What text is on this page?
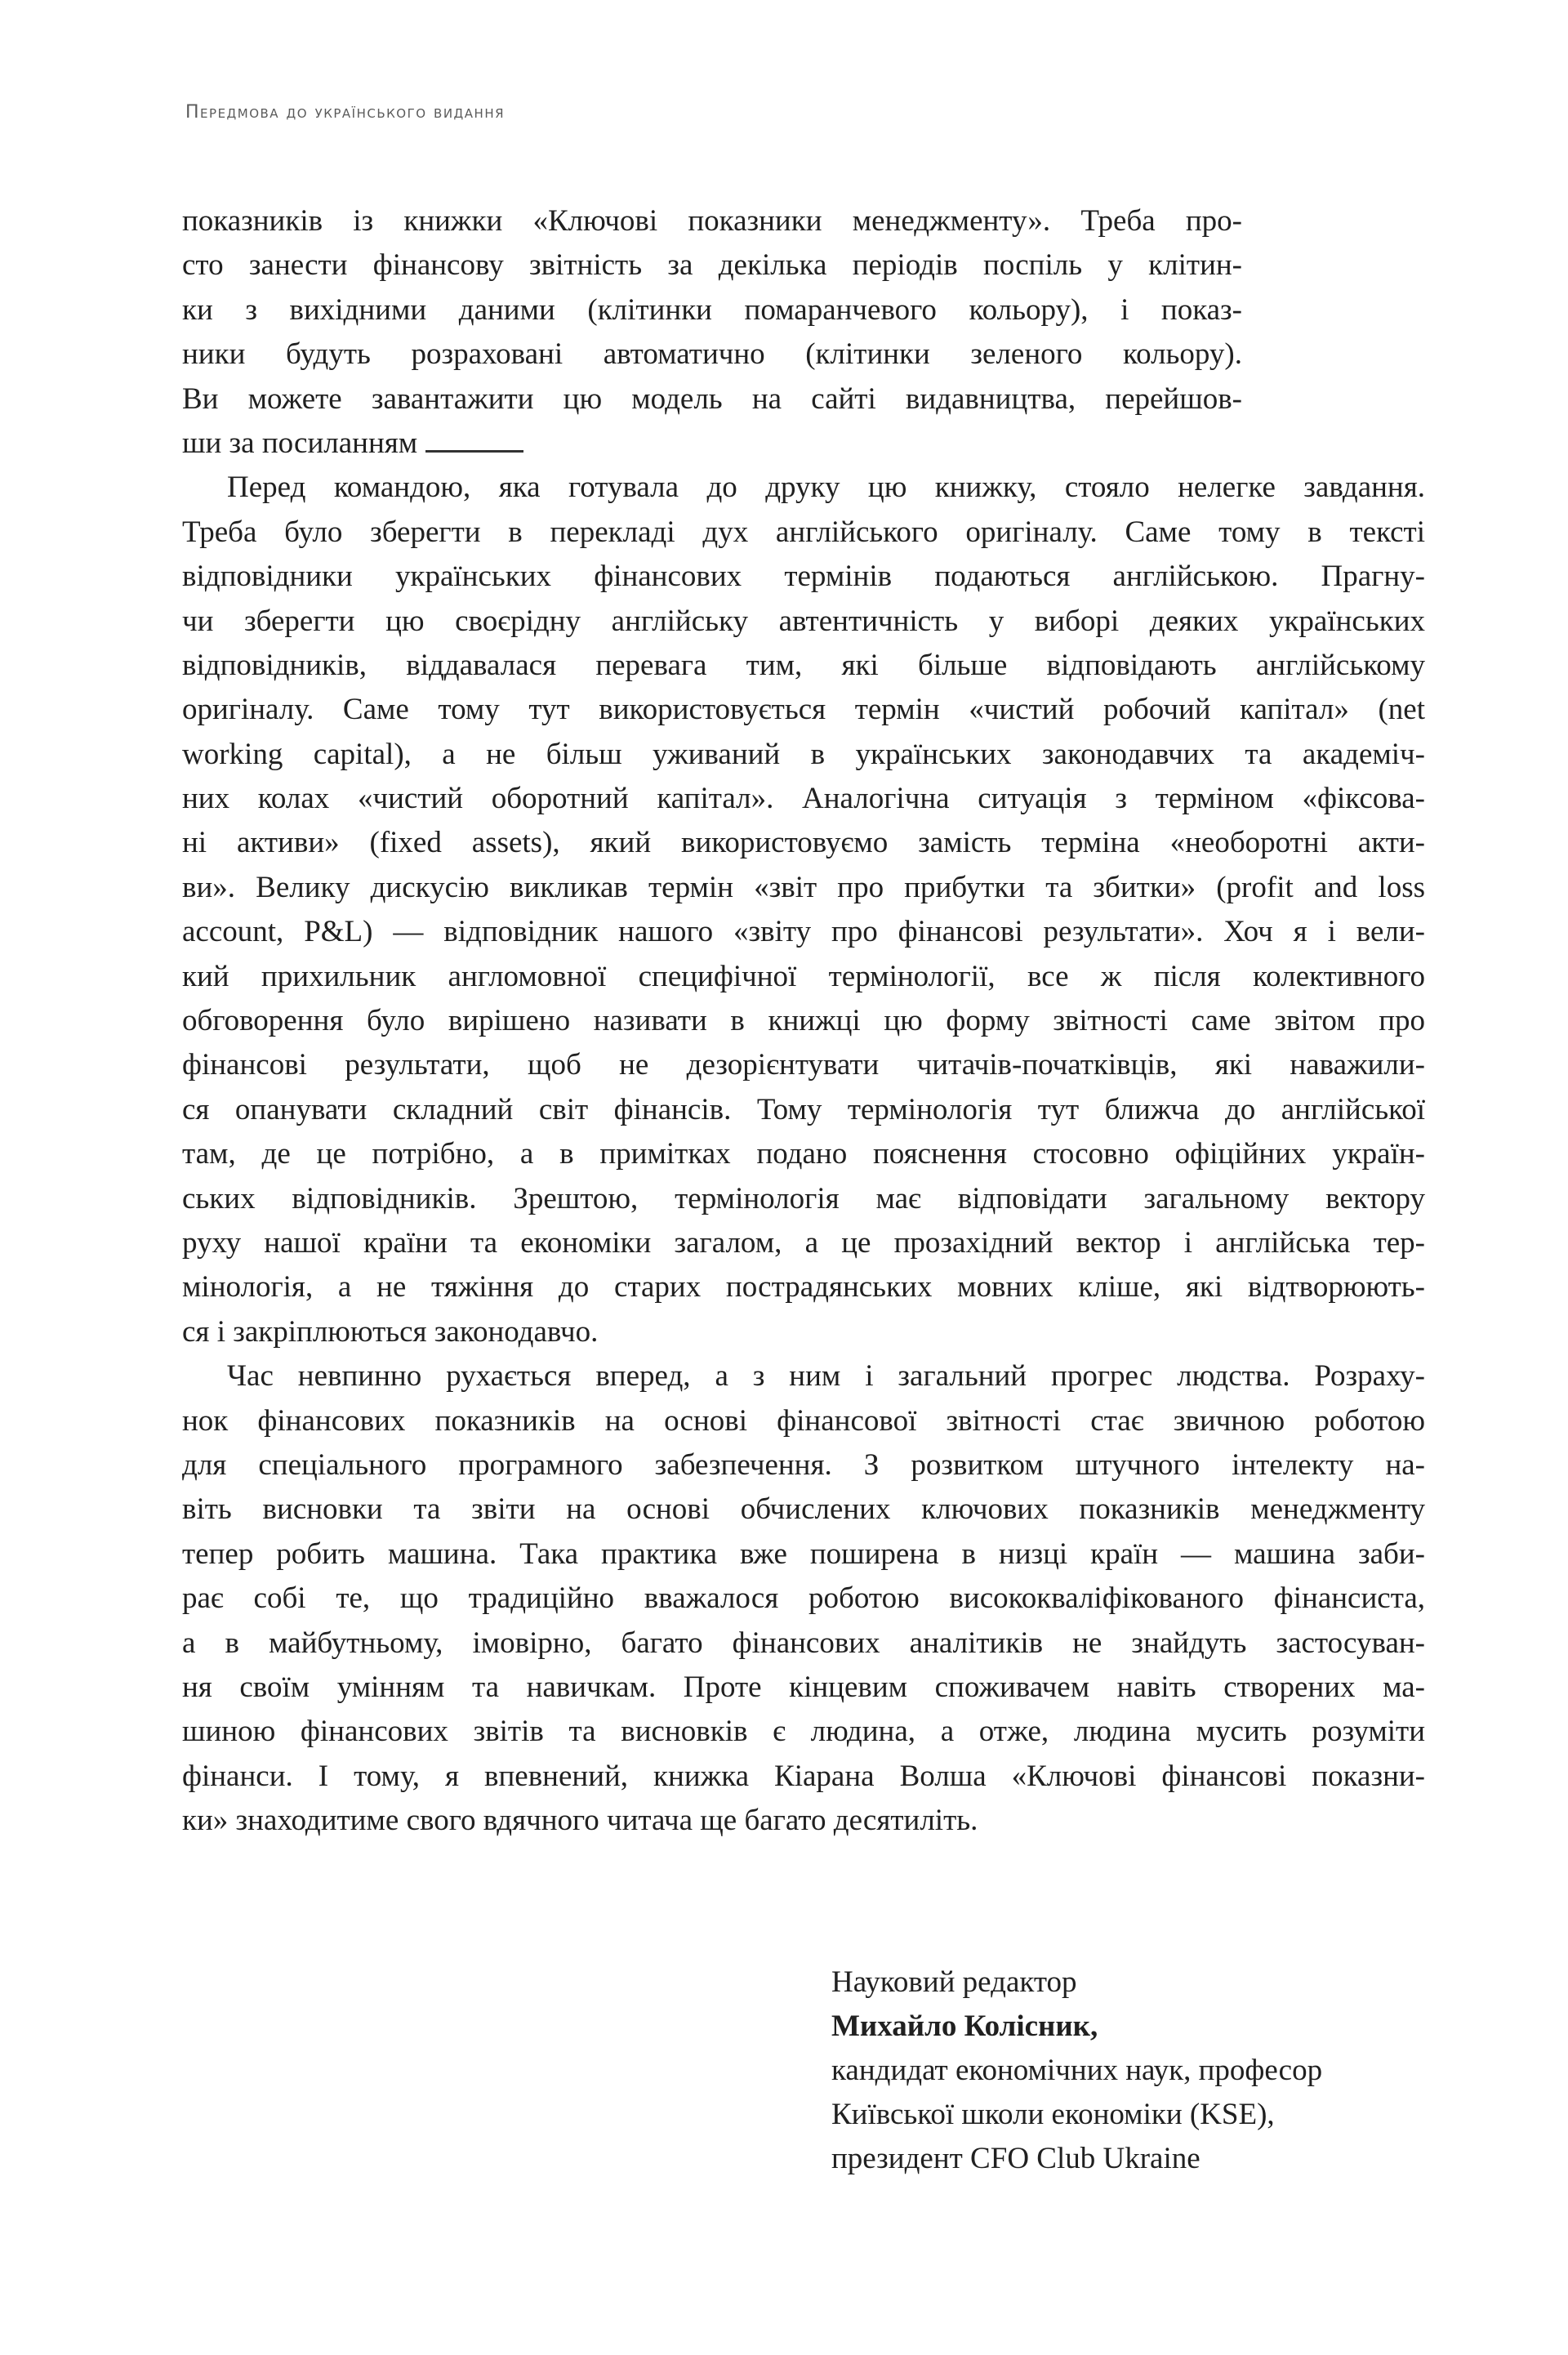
Передмова до українського видання
показників із книжки «Ключові показники менеджменту». Треба про-
сто занести фінансову звітність за декілька періодів поспіль у клітин-
ки з вихідними даними (клітинки помаранчевого кольору), і показ-
ники будуть розраховані автоматично (клітинки зеленого кольору).
Ви можете завантажити цю модель на сайті видавництва, перейшов-
ши за посиланням
Перед командою, яка готувала до друку цю книжку, стояло нелегке завдання.
Треба було зберегти в перекладі дух англійського оригіналу. Саме тому в тексті
відповідники українських фінансових термінів подаються англійською. Прагну-
чи зберегти цю своєрідну англійську автентичність у виборі деяких українських
відповідників, віддавалася перевага тим, які більше відповідають англійському
оригіналу. Саме тому тут використовується термін «чистий робочий капітал» (net
working capital), а не більш уживаний в українських законодавчих та академіч-
них колах «чистий оборотний капітал». Аналогічна ситуація з терміном «фіксова-
ні активи» (fixed assets), який використовуємо замість терміна «необоротні акти-
ви». Велику дискусію викликав термін «звіт про прибутки та збитки» (profit and loss
account, P&L) — відповідник нашого «звіту про фінансові результати». Хоч я і вели-
кий прихильник англомовної специфічної термінології, все ж після колективного
обговорення було вирішено називати в книжці цю форму звітності саме звітом про
фінансові результати, щоб не дезорієнтувати читачів-початківців, які наважили-
ся опанувати складний світ фінансів. Тому термінологія тут ближча до англійської
там, де це потрібно, а в примітках подано пояснення стосовно офіційних україн-
ських відповідників. Зрештою, термінологія має відповідати загальному вектору
руху нашої країни та економіки загалом, а це прозахідний вектор і англійська тер-
мінологія, а не тяжіння до старих пострадянських мовних кліше, які відтворюють-
ся і закріплюються законодавчо.
Час невпинно рухається вперед, а з ним і загальний прогрес людства. Розраху-
нок фінансових показників на основі фінансової звітності стає звичною роботою
для спеціального програмного забезпечення. З розвитком штучного інтелекту на-
віть висновки та звіти на основі обчислених ключових показників менеджменту
тепер робить машина. Така практика вже поширена в низці країн — машина заби-
рає собі те, що традиційно вважалося роботою висококваліфікованого фінансиста,
а в майбутньому, імовірно, багато фінансових аналітиків не знайдуть застосуван-
ня своїм умінням та навичкам. Проте кінцевим споживачем навіть створених ма-
шиною фінансових звітів та висновків є людина, а отже, людина мусить розуміти
фінанси. І тому, я впевнений, книжка Кіарана Волша «Ключові фінансові показни-
ки» знаходитиме свого вдячного читача ще багато десятиліть.
Науковий редактор
Михайло Колісник,
кандидат економічних наук, професор
Київської школи економіки (KSE),
президент CFO Club Ukraine
